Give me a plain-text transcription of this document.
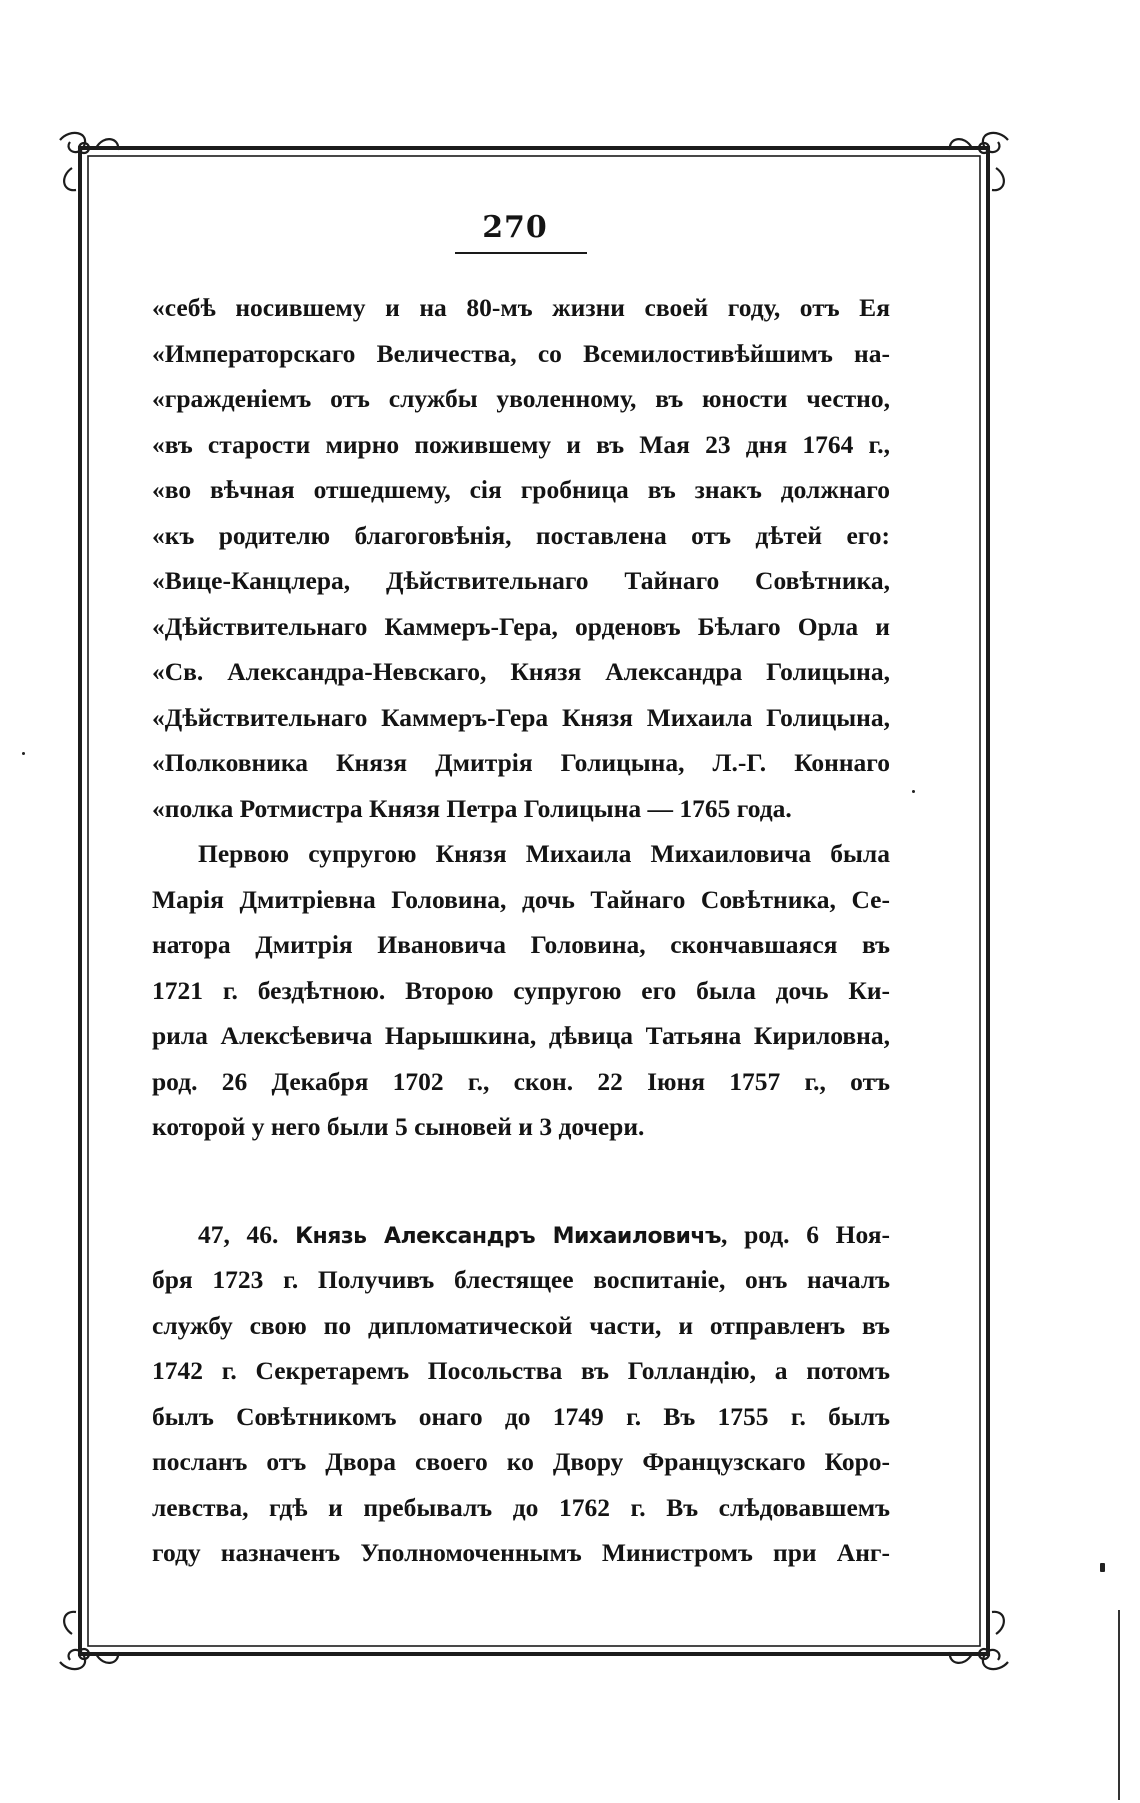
270
«себѣ носившему и на 80-мъ жизни своей году, отъ Ея
«Императорскаго Величества, со Всемилостивѣйшимъ на-
«гражденіемъ отъ службы уволенному, въ юности честно,
«въ старости мирно пожившему и въ Мая 23 дня 1764 г.,
«во вѣчная отшедшему, сія гробница въ знакъ должнаго
«къ родителю благоговѣнія, поставлена отъ дѣтей его:
«Вице-Канцлера, Дѣйствительнаго Тайнаго Совѣтника,
«Дѣйствительнаго Каммеръ-Гера, орденовъ Бѣлаго Орла и
«Св. Александра-Невскаго, Князя Александра Голицына,
«Дѣйствительнаго Каммеръ-Гера Князя Михаила Голицына,
«Полковника Князя Дмитрія Голицына, Л.-Г. Коннаго
«полка Ротмистра Князя Петра Голицына — 1765 года.
Первою супругою Князя Михаила Михаиловича была
Марія Дмитріевна Головина, дочь Тайнаго Совѣтника, Се-
натора Дмитрія Ивановича Головина, скончавшаяся въ
1721 г. бездѣтною. Второю супругою его была дочь Ки-
рила Алексѣевича Нарышкина, дѣвица Татьяна Кириловна,
род. 26 Декабря 1702 г., скон. 22 Іюня 1757 г., отъ
которой у него были 5 сыновей и 3 дочери.
47, 46. Князь Александръ Михаиловичъ, род. 6 Ноя-
бря 1723 г. Получивъ блестящее воспитаніе, онъ началъ
службу свою по дипломатической части, и отправленъ въ
1742 г. Секретаремъ Посольства въ Голландію, а потомъ
былъ Совѣтникомъ онаго до 1749 г. Въ 1755 г. былъ
посланъ отъ Двора своего ко Двору Французскаго Коро-
левства, гдѣ и пребывалъ до 1762 г. Въ слѣдовавшемъ
году назначенъ Уполномоченнымъ Министромъ при Анг-
